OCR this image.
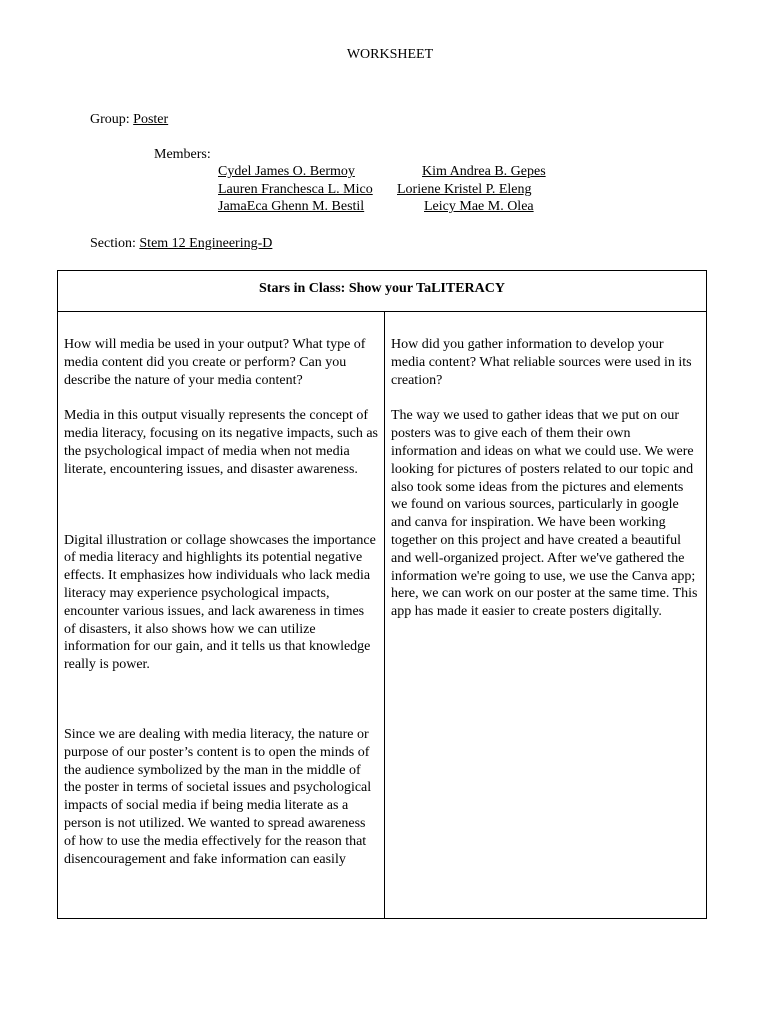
WORKSHEET
Group: Poster
Members:
Cydel James O. Bermoy	Kim Andrea B. Gepes
Lauren Franchesca L. Mico Loriene Kristel P. Eleng
JamaEca Ghenn M. Bestil	Leicy Mae M. Olea
Section: Stem 12 Engineering-D
Stars in Class: Show your TaLITERACY

How will media be used in your output? What type of media content did you create or perform? Can you describe the nature of your media content?

Media in this output visually represents the concept of media literacy, focusing on its negative impacts, such as the psychological impact of media when not media literate, encountering issues, and disaster awareness.

Digital illustration or collage showcases the importance of media literacy and highlights its potential negative effects. It emphasizes how individuals who lack media literacy may experience psychological impacts, encounter various issues, and lack awareness in times of disasters, it also shows how we can utilize information for our gain, and it tells us that knowledge really is power.

Since we are dealing with media literacy, the nature or purpose of our poster’s content is to open the minds of the audience symbolized by the man in the middle of the poster in terms of societal issues and psychological impacts of social media if being media literate as a person is not utilized. We wanted to spread awareness of how to use the media effectively for the reason that disencouragement and fake information can easily

How did you gather information to develop your media content? What reliable sources were used in its creation?

The way we used to gather ideas that we put on our posters was to give each of them their own information and ideas on what we could use. We were looking for pictures of posters related to our topic and also took some ideas from the pictures and elements we found on various sources, particularly in google and canva for inspiration. We have been working together on this project and have created a beautiful and well-organized project. After we've gathered the information we're going to use, we use the Canva app; here, we can work on our poster at the same time. This app has made it easier to create posters digitally.
